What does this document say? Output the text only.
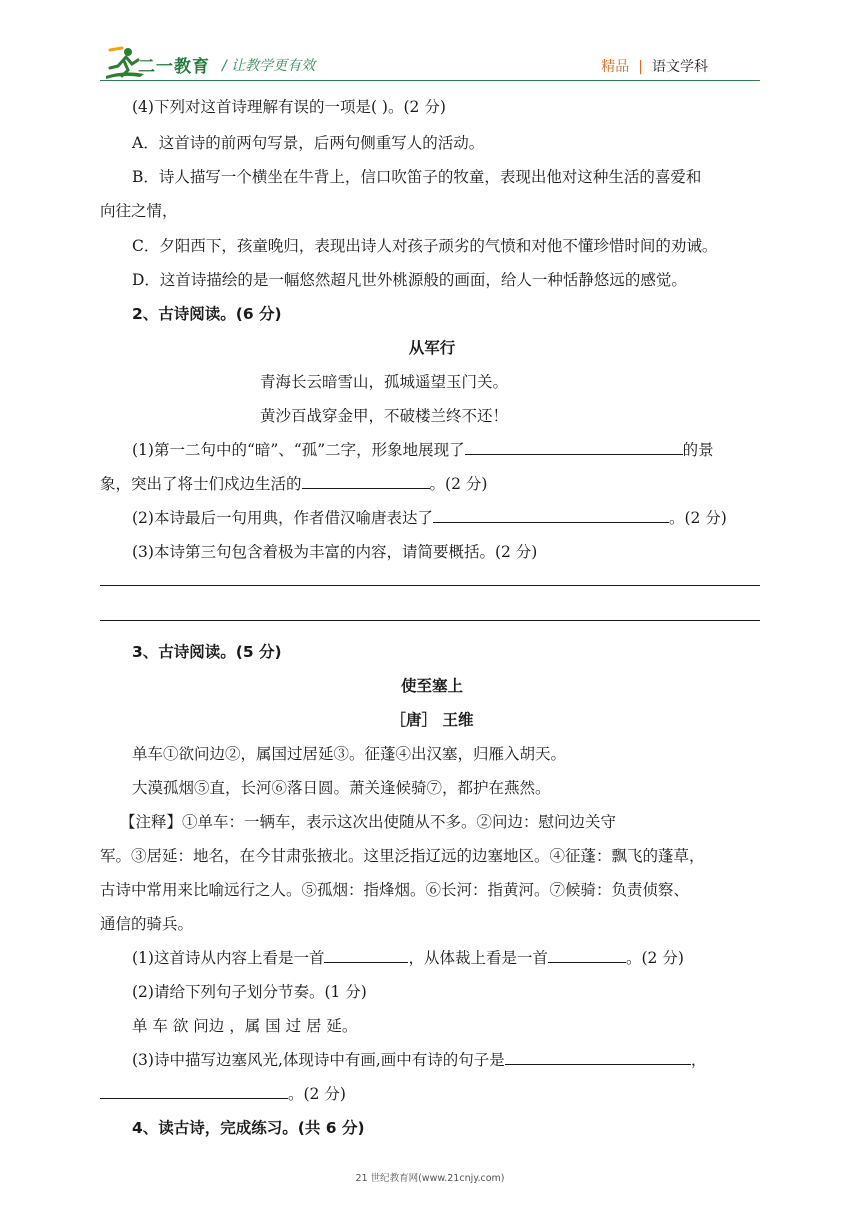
二一教育 / 让教学更有效	精品 | 语文学科
(4)下列对这首诗理解有误的一项是( )。(2 分)
A．这首诗的前两句写景，后两句侧重写人的活动。
B．诗人描写一个横坐在牛背上，信口吹笛子的牧童，表现出他对这种生活的喜爱和
向往之情，
C．夕阳西下，孩童晚归，表现出诗人对孩子顽劣的气愤和对他不懂珍惜时间的劝诫。
D．这首诗描绘的是一幅悠然超凡世外桃源般的画面，给人一种恬静悠远的感觉。
2、古诗阅读。(6 分)
从军行
青海长云暗雪山，孤城遥望玉门关。
黄沙百战穿金甲，不破楼兰终不还！
(1)第一二句中的“暗”、“孤”二字，形象地展现了	的景
象，突出了将士们戍边生活的	。(2 分)
(2)本诗最后一句用典，作者借汉喻唐表达了	。(2 分)
(3)本诗第三句包含着极为丰富的内容，请简要概括。(2 分)
3、古诗阅读。(5 分)
使至塞上
［唐］ 王维
单车①欲问边②，属国过居延③。征蓬④出汉塞，归雁入胡天。
大漠孤烟⑤直，长河⑥落日圆。萧关逢候骑⑦，都护在燕然。
【注释】①单车：一辆车，表示这次出使随从不多。②问边：慰问边关守
军。③居延：地名，在今甘肃张掖北。这里泛指辽远的边塞地区。④征蓬：飘飞的蓬草，
古诗中常用来比喻远行之人。⑤孤烟：指烽烟。⑥长河：指黄河。⑦候骑：负责侦察、
通信的骑兵。
(1)这首诗从内容上看是一首	，从体裁上看是一首	。(2 分)
(2)请给下列句子划分节奏。(1 分)
单 车 欲 问边 ，属 国 过 居 延。
(3)诗中描写边塞风光,体现诗中有画,画中有诗的句子是	，
。(2 分)
4、读古诗，完成练习。(共 6 分)
21 世纪教育网(www.21cnjy.com)
